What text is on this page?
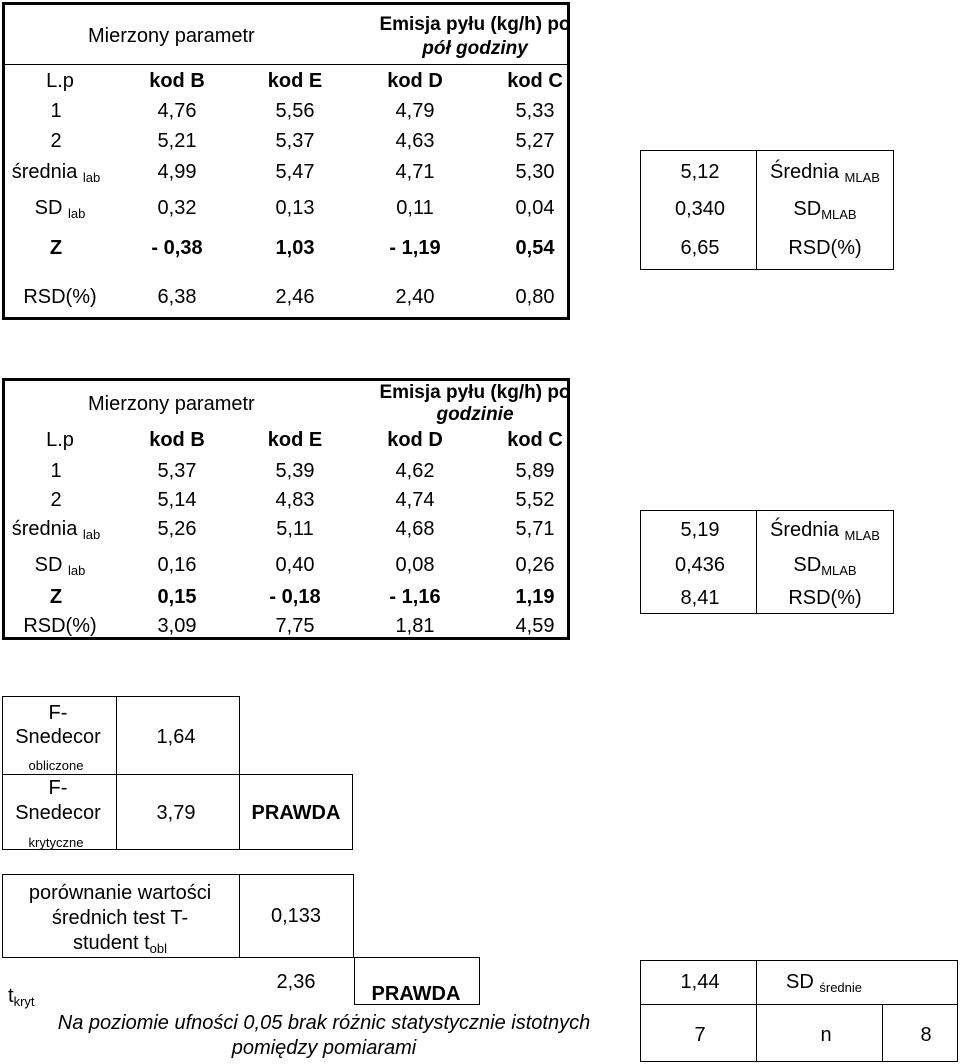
Mierzony parametr
Emisja pyłu (kg/h) po
pół godziny
L.p	kod B	kod E	kod D	kod C
1	4,76	5,56	4,79	5,33
2	5,21	5,37	4,63	5,27
średnia $_{lab}$	4,99	5,47	4,71	5,30
SD $_{lab}$	0,32	0,13	0,11	0,04
Z	- 0,38	1,03	- 1,19	0,54
RSD(%)	6,38	2,46	2,40	0,80
5,12	Średnia $_{MLAB}$
0,340	$SD_{MLAB}$
6,65	RSD(%)
Mierzony parametr
Emisja pyłu (kg/h) po
godzinie
L.p	kod B	kod E	kod D	kod C
1	5,37	5,39	4,62	5,89
2	5,14	4,83	4,74	5,52
średnia $_{lab}$	5,26	5,11	4,68	5,71
SD $_{lab}$	0,16	0,40	0,08	0,26
Z	0,15	- 0,18	- 1,16	1,19
RSD(%)	3,09	7,75	1,81	4,59
5,19	Średnia $_{MLAB}$
0,436	$SD_{MLAB}$
8,41	RSD(%)
F-
Snedecor
obliczone
1,64
F-
Snedecor
krytyczne
3,79	PRAWDA
porównanie wartości
średnich test T-
student $t_{obl}$
0,133
$t_{kryt}$
2,36
PRAWDA
Na poziomie ufności 0,05 brak różnic statystycznie istotnych
pomiędzy pomiarami
1,44	SD $_{średnie}$
7	n	8
